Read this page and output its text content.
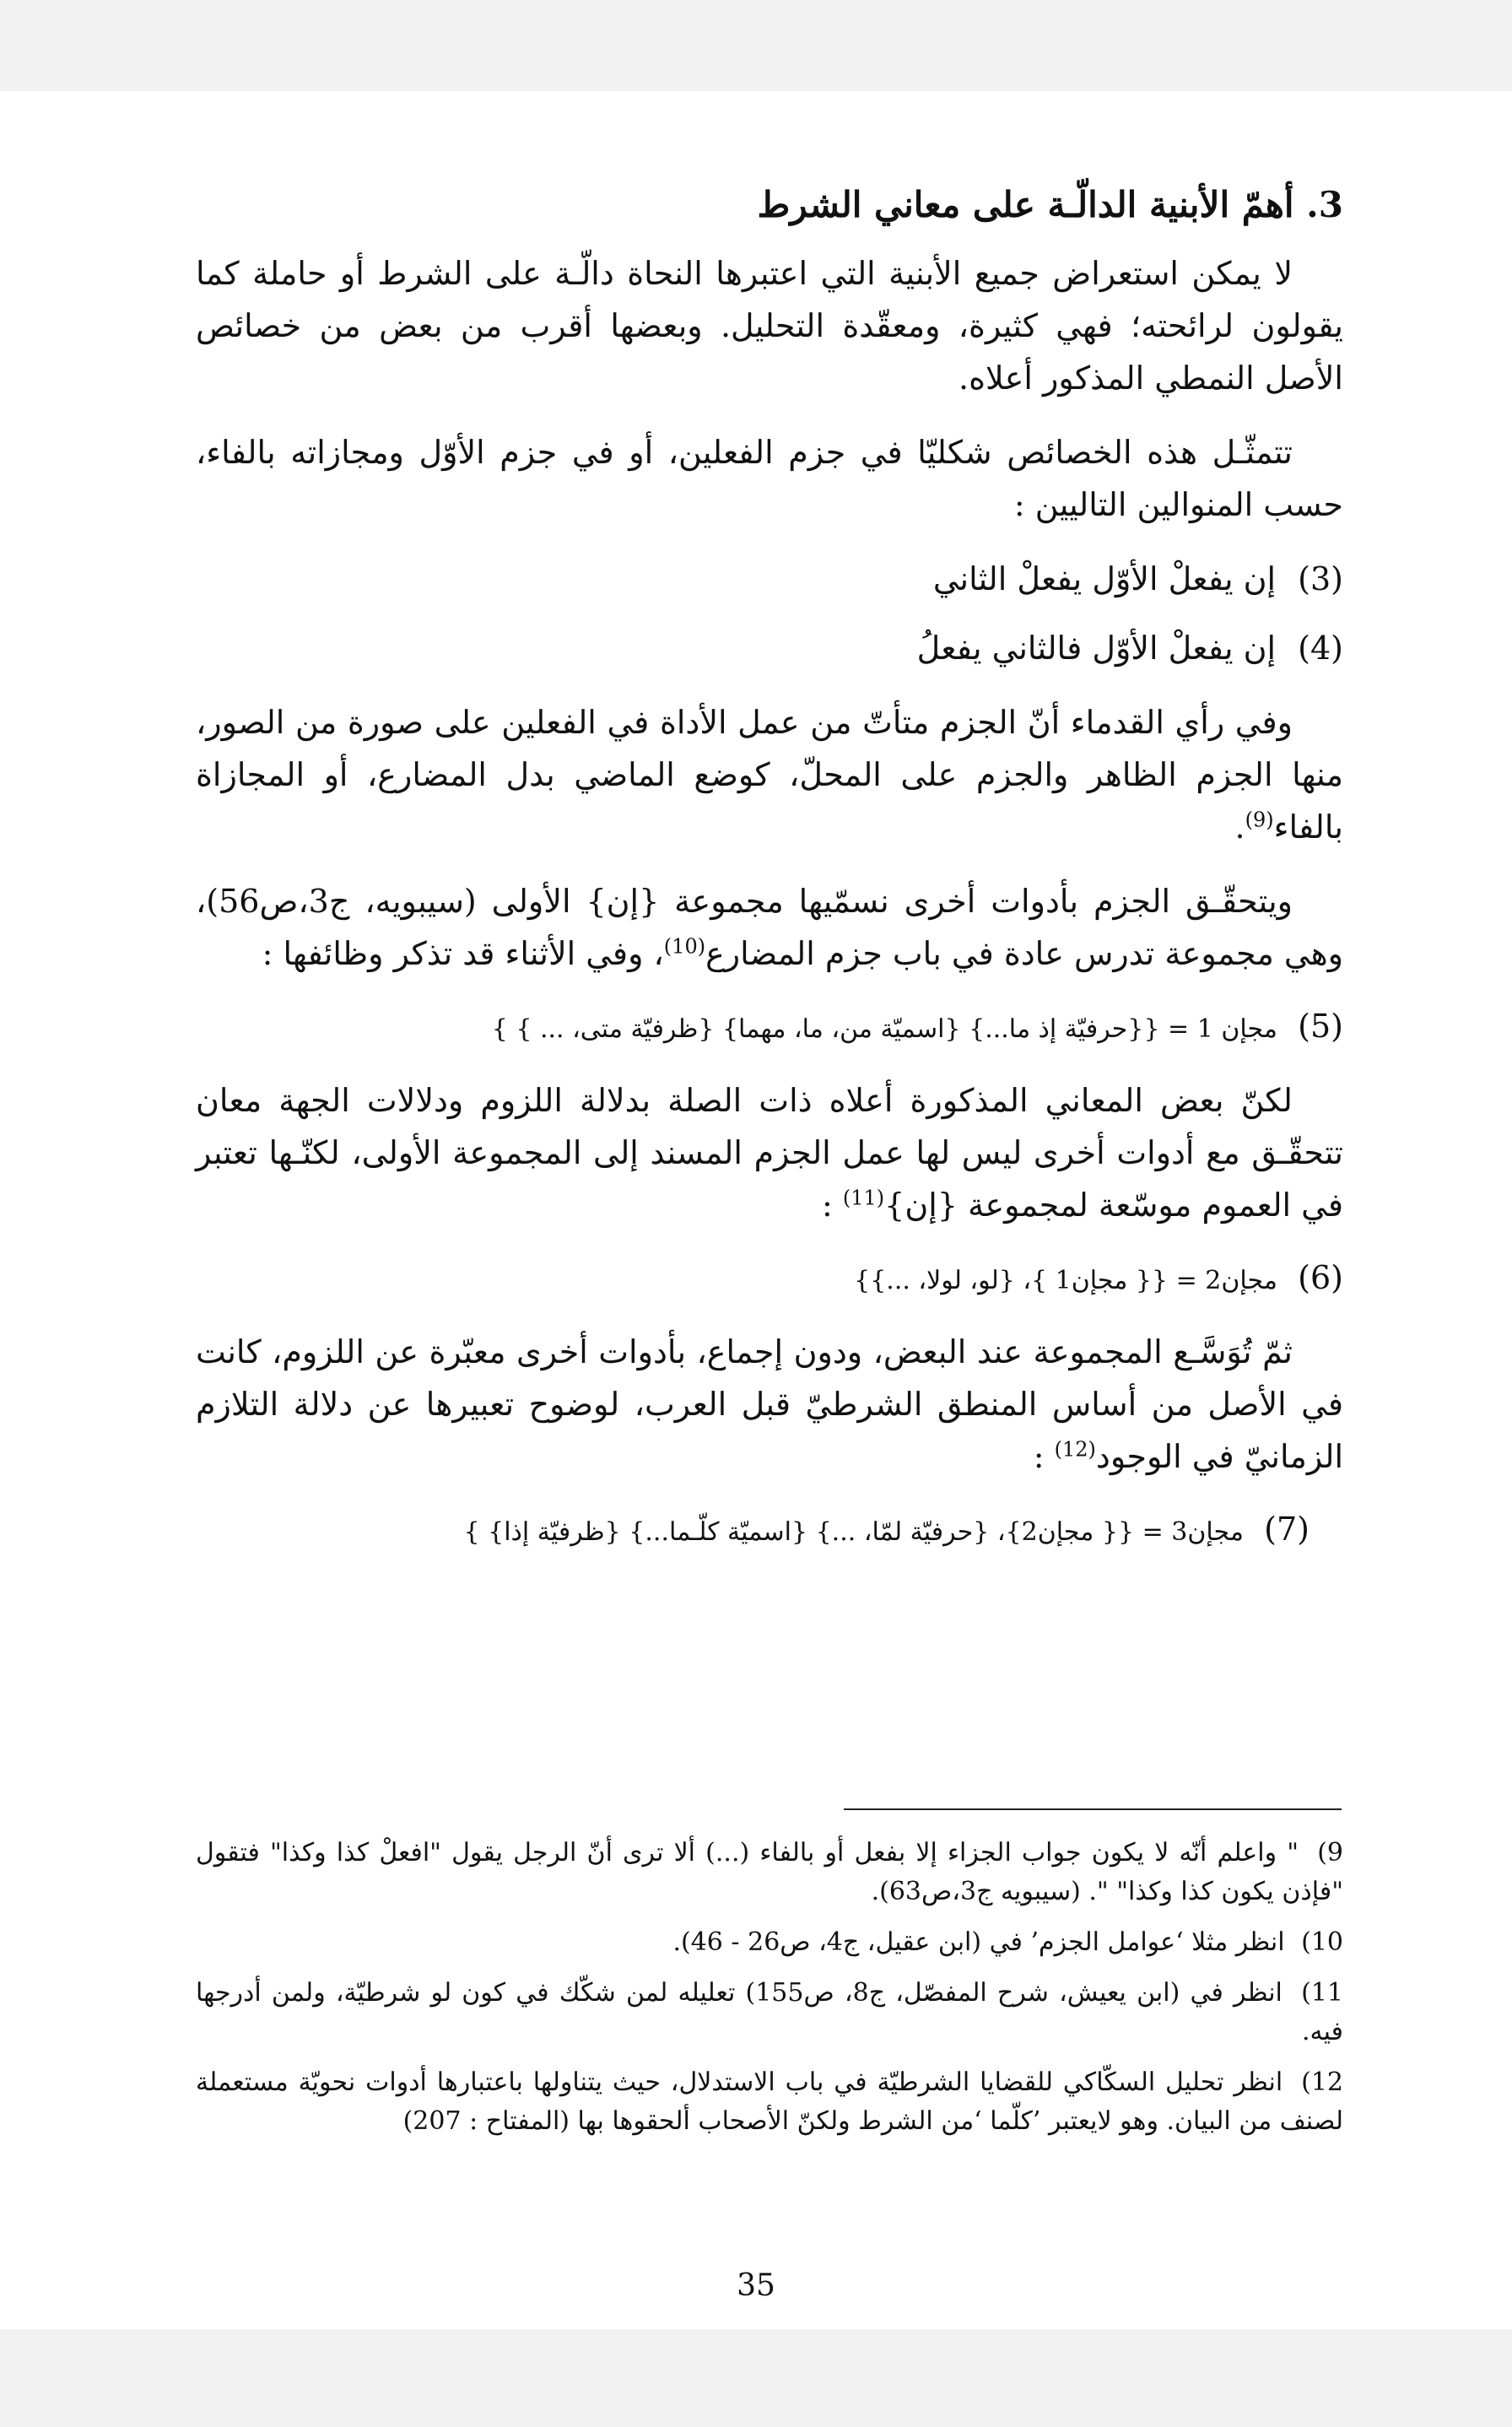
3. أهمّ الأبنية الدالّـة على معاني الشرط

لا يمكن استعراض جميع الأبنية التي اعتبرها النحاة دالّـة على الشرط أو حاملة كما يقولون لرائحته؛ فهي كثيرة، ومعقّدة التحليل. وبعضها أقرب من بعض من خصائص الأصل النمطي المذكور أعلاه.

تتمثّـل هذه الخصائص شكليّا في جزم الفعلين، أو في جزم الأوّل ومجازاته بالفاء، حسب المنوالين التاليين :

(3) إن يفعلْ الأوّل يفعلْ الثاني
(4) إن يفعلْ الأوّل فالثاني يفعلُ

وفي رأي القدماء أنّ الجزم متأتّ من عمل الأداة في الفعلين على صورة من الصور، منها الجزم الظاهر والجزم على المحلّ، كوضع الماضي بدل المضارع، أو المجازاة بالفاء$^{(9)}$.

ويتحقّـق الجزم بأدوات أخرى نسمّيها مجموعة {إن} الأولى (سيبويه، ج3،ص56)، وهي مجموعة تدرس عادة في باب جزم المضارع$^{(10)}$، وفي الأثناء قد تذكر وظائفها :

(5) مجإن 1 = {{حرفيّة إذ ما...} {اسميّة من، ما، مهما} {ظرفيّة متى، ... } }

لكنّ بعض المعاني المذكورة أعلاه ذات الصلة بدلالة اللزوم ودلالات الجهة معان تتحقّـق مع أدوات أخرى ليس لها عمل الجزم المسند إلى المجموعة الأولى، لكنّـها تعتبر في العموم موسّعة لمجموعة {إن}$^{(11)}$ :

(6) مجإن2 = {{ مجإن1 }، {لو، لولا، ...}}

ثمّ تُوَسَّـع المجموعة عند البعض، ودون إجماع، بأدوات أخرى معبّرة عن اللزوم، كانت في الأصل من أساس المنطق الشرطيّ قبل العرب، لوضوح تعبيرها عن دلالة التلازم الزمانيّ في الوجود$^{(12)}$ :

(7) مجإن3 = {{ مجإن2}، {حرفيّة لمّا، ...} {اسميّة كلّـما...} {ظرفيّة إذا} }
9) " واعلم أنّه لا يكون جواب الجزاء إلا بفعل أو بالفاء (...) ألا ترى أنّ الرجل يقول "افعلْ كذا وكذا" فتقول "فإذن يكون كذا وكذا" ". (سيبويه ج3،ص63).
10) انظر مثلا ‘عوامل الجزم’ في (ابن عقيل، ج4، ص26 - 46).
11) انظر في (ابن يعيش، شرح المفصّل، ج8، ص155) تعليله لمن شكّك في كون لو شرطيّة، ولمن أدرجها فيه.
12) انظر تحليل السكّاكي للقضايا الشرطيّة في باب الاستدلال، حيث يتناولها باعتبارها أدوات نحويّة مستعملة لصنف من البيان. وهو لايعتبر ’كلّما ‘من الشرط ولكنّ الأصحاب ألحقوها بها (المفتاح : 207)
35
